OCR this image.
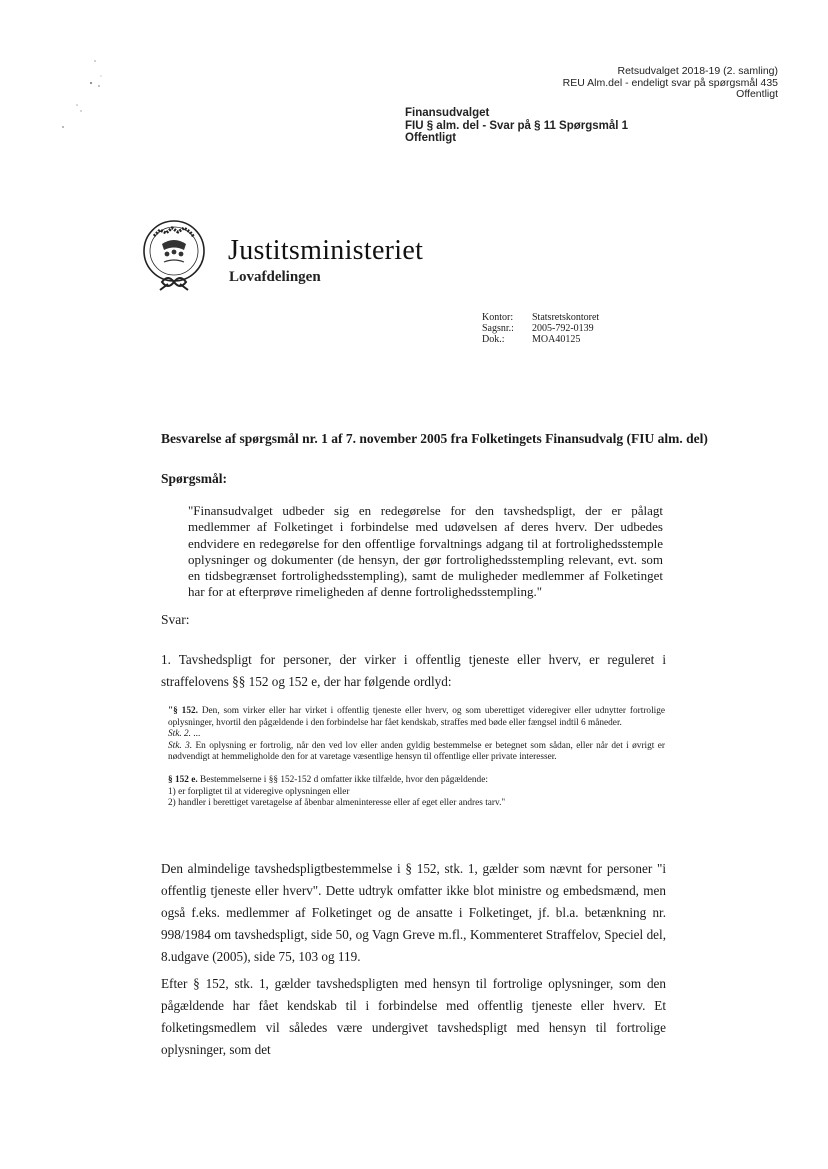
Retsudvalget 2018-19 (2. samling)
REU Alm.del - endeligt svar på spørgsmål 435
Offentligt
Finansudvalget
FIU § alm. del - Svar på § 11 Spørgsmål 1
Offentligt
Justitsministeriet
Lovafdelingen
Kontor:	Statsretskontoret
Sagsnr.:	2005-792-0139
Dok.:	MOA40125
Besvarelse af spørgsmål nr. 1 af 7. november 2005 fra Folketingets Finansudvalg (FIU alm. del)
Spørgsmål:
"Finansudvalget udbeder sig en redegørelse for den tavshedspligt, der er pålagt medlemmer af Folketinget i forbindelse med udøvelsen af deres hverv. Der udbedes endvidere en redegørelse for den offentlige forvaltnings adgang til at fortrolighedsstemple oplysninger og dokumenter (de hensyn, der gør fortrolighedsstempling relevant, evt. som en tidsbegrænset fortrolighedsstempling), samt de muligheder medlemmer af Folketinget har for at efterprøve rimeligheden af denne fortrolighedsstempling."
Svar:
1. Tavshedspligt for personer, der virker i offentlig tjeneste eller hverv, er reguleret i straffelovens §§ 152 og 152 e, der har følgende ordlyd:

"§ 152. Den, som virker eller har virket i offentlig tjeneste eller hverv, og som uberettiget videregiver eller udnytter fortrolige oplysninger, hvortil den pågældende i den forbindelse har fået kendskab, straffes med bøde eller fængsel indtil 6 måneder.

Stk. 2. ...

Stk. 3. En oplysning er fortrolig, når den ved lov eller anden gyldig bestemmelse er betegnet som sådan, eller når det i øvrigt er nødvendigt at hemmeligholde den for at varetage væsentlige hensyn til offentlige eller private interesser.

§ 152 e. Bestemmelserne i §§ 152-152 d omfatter ikke tilfælde, hvor den pågældende:

1) er forpligtet til at videregive oplysningen eller

2) handler i berettiget varetagelse af åbenbar almeninteresse eller af eget eller andres tarv."

Den almindelige tavshedspligtbestemmelse i § 152, stk. 1, gælder som nævnt for personer "i offentlig tjeneste eller hverv". Dette udtryk omfatter ikke blot ministre og embedsmænd, men også f.eks. medlemmer af Folketinget og de ansatte i Folketinget, jf. bl.a. betænkning nr. 998/1984 om tavshedspligt, side 50, og Vagn Greve m.fl., Kommenteret Straffelov, Speciel del, 8.udgave (2005), side 75, 103 og 119.
Efter § 152, stk. 1, gælder tavshedspligten med hensyn til fortrolige oplysninger, som den pågældende har fået kendskab til i forbindelse med offentlig tjeneste eller hverv. Et folketingsmedlem vil således være undergivet tavshedspligt med hensyn til fortrolige oplysninger, som det
